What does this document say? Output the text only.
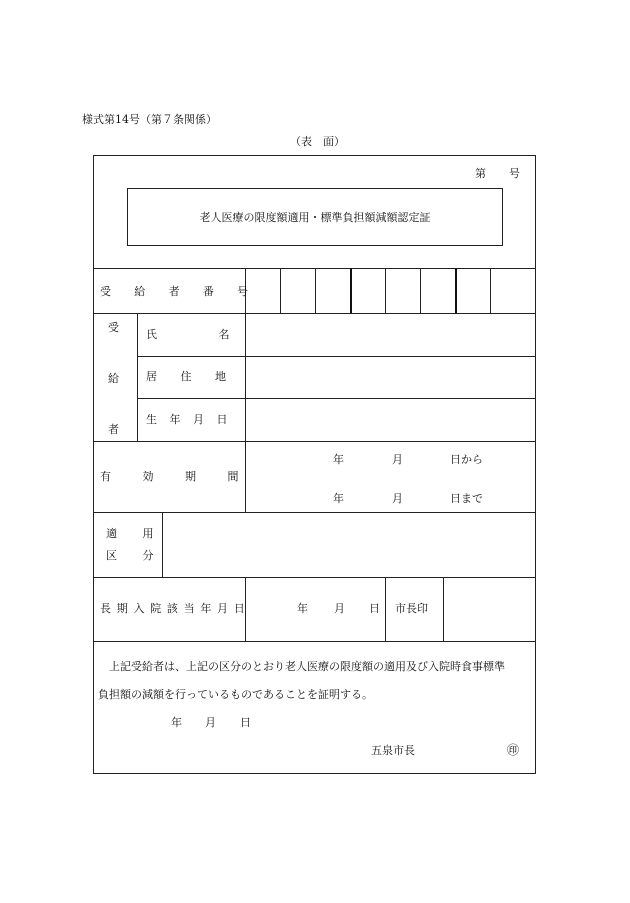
様式第14号（第７条関係）
（表　面）
第 号
老人医療の限度額適用・標準負担額減額認定証
受 給 者 番 号
受
給
者
氏 名
居 住 地
生 年 月 日
有 効 期 間
年	月	日から
年	月	日まで
適 用
区 分
長期入院該当年月日	年 月 日 市長印
上記受給者は、上記の区分のとおり老人医療の限度額の適用及び入院時食事標準
負担額の減額を行っているものであることを証明する。
年 月 日
五泉市長	㊞
